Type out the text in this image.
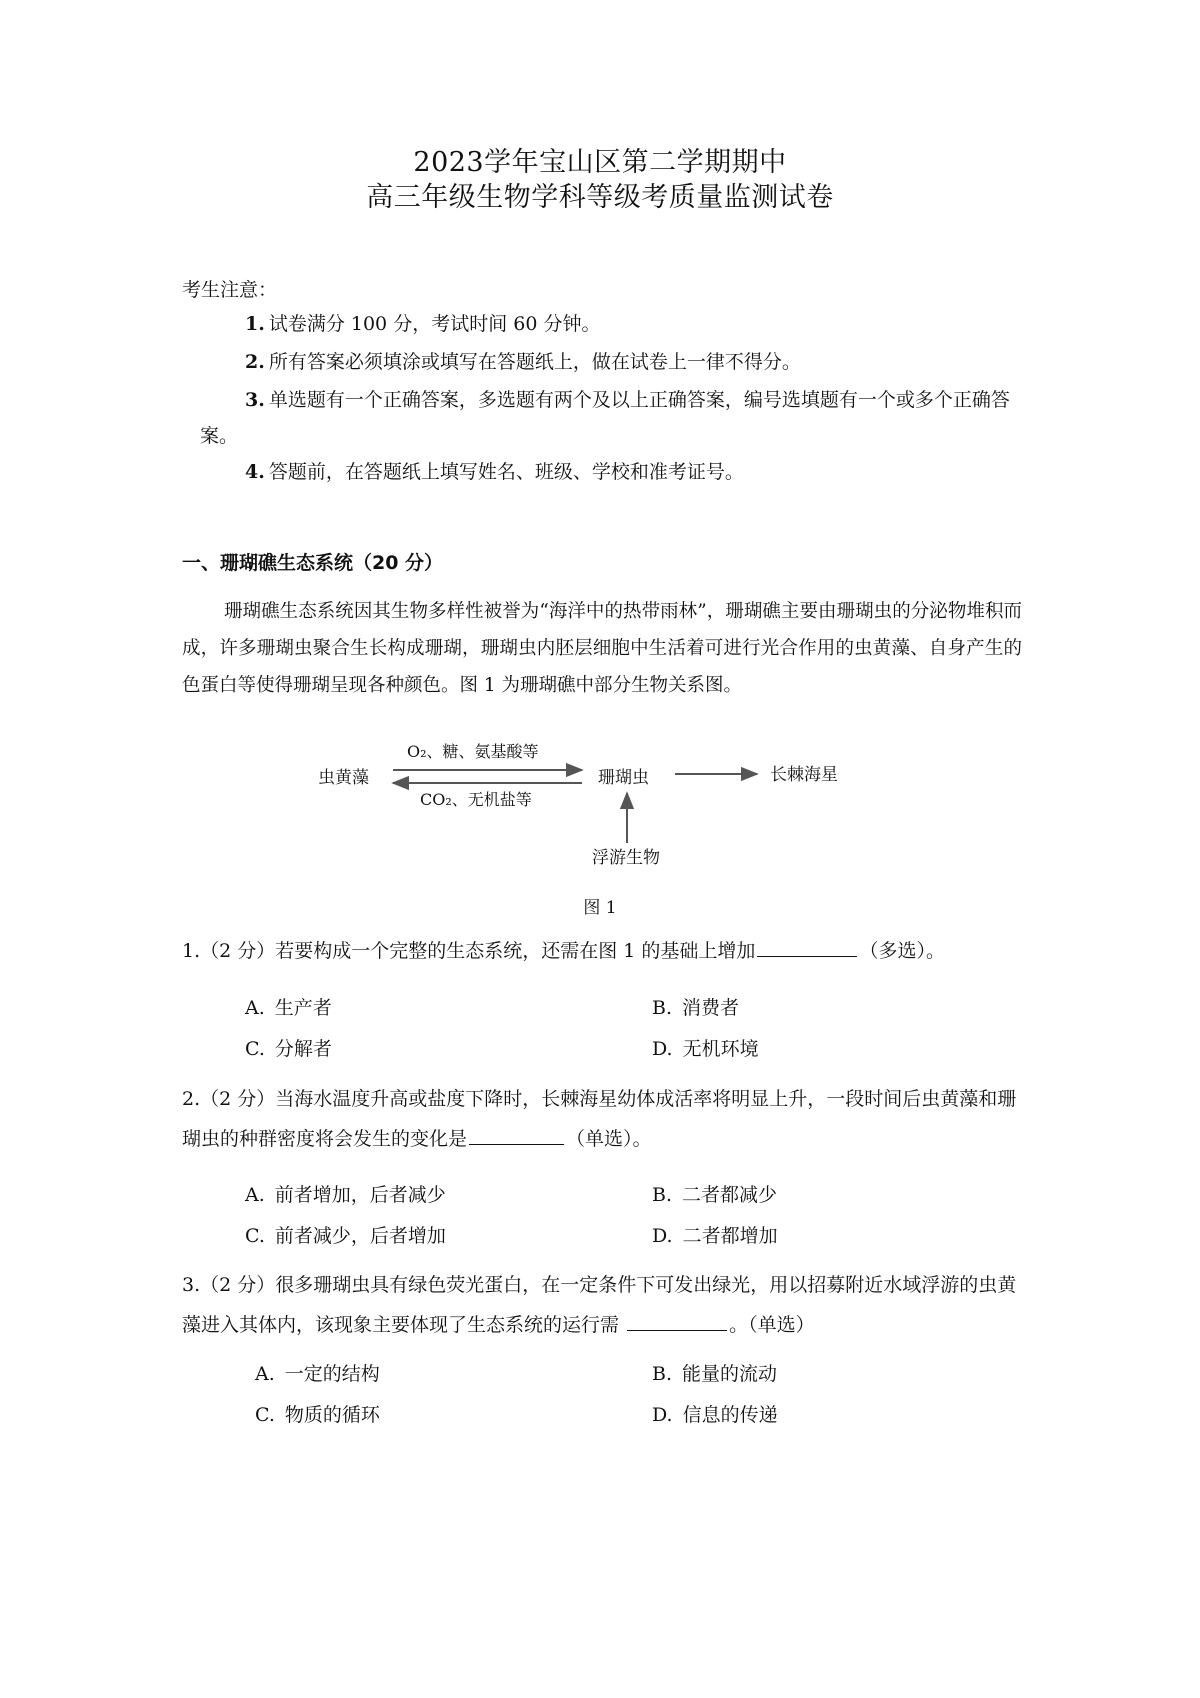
2023学年宝山区第二学期期中
高三年级生物学科等级考质量监测试卷
考生注意：
1. 试卷满分 100 分，考试时间 60 分钟。
2. 所有答案必须填涂或填写在答题纸上，做在试卷上一律不得分。
3. 单选题有一个正确答案，多选题有两个及以上正确答案，编号选填题有一个或多个正确答案。
4. 答题前，在答题纸上填写姓名、班级、学校和准考证号。
一、珊瑚礁生态系统（20 分）
珊瑚礁生态系统因其生物多样性被誉为“海洋中的热带雨林”，珊瑚礁主要由珊瑚虫的分泌物堆积而成，许多珊瑚虫聚合生长构成珊瑚，珊瑚虫内胚层细胞中生活着可进行光合作用的虫黄藻、自身产生的色蛋白等使得珊瑚呈现各种颜色。图 1 为珊瑚礁中部分生物关系图。
虫黄藻	珊瑚虫	长棘海星
浮游生物
O₂、糖、氨基酸等
CO₂、无机盐等
图 1
1.（2 分）若要构成一个完整的生态系统，还需在图 1 的基础上增加	（多选）。
A. 生产者	B. 消费者
C. 分解者	D. 无机环境
2.（2 分）当海水温度升高或盐度下降时，长棘海星幼体成活率将明显上升，一段时间后虫黄藻和珊瑚虫的种群密度将会发生的变化是	（单选）。
A. 前者增加，后者减少	B. 二者都减少
C. 前者减少，后者增加	D. 二者都增加
3.（2 分）很多珊瑚虫具有绿色荧光蛋白，在一定条件下可发出绿光，用以招募附近水域浮游的虫黄藻进入其体内，该现象主要体现了生态系统的运行需	。（单选）
A. 一定的结构	B. 能量的流动
C. 物质的循环	D. 信息的传递
